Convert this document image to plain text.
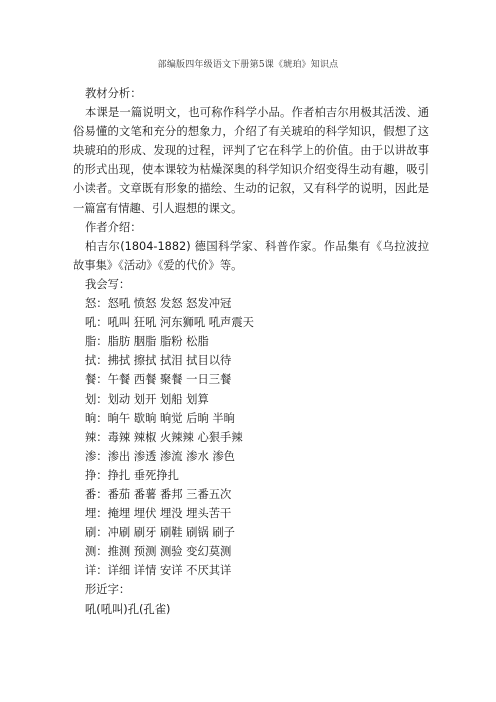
部编版四年级语文下册第5课《琥珀》知识点
教材分析：

本课是一篇说明文，也可称作科学小品。作者柏吉尔用极其活泼、通俗易懂的文笔和充分的想象力，介绍了有关琥珀的科学知识，假想了这块琥珀的形成、发现的过程，评判了它在科学上的价值。由于以讲故事的形式出现，使本课较为枯燥深奥的科学知识介绍变得生动有趣，吸引小读者。文章既有形象的描绘、生动的记叙，又有科学的说明，因此是一篇富有情趣、引人遐想的课文。

作者介绍：

柏吉尔(1804-1882) 德国科学家、科普作家。作品集有《乌拉波拉故事集》《活动》《爱的代价》等。

我会写：
怒：怒吼 愤怒 发怒 怒发冲冠
吼：吼叫 狂吼 河东狮吼 吼声震天
脂：脂肪 胭脂 脂粉 松脂
拭：拂拭 擦拭 拭泪 拭目以待
餐：午餐 西餐 聚餐 一日三餐
划：划动 划开 划船 划算
晌：晌午 歇晌 晌觉 后晌 半晌
辣：毒辣 辣椒 火辣辣 心狠手辣
渗：渗出 渗透 渗流 渗水 渗色
挣：挣扎 垂死挣扎
番：番茄 番薯 番邦 三番五次
埋：掩埋 埋伏 埋没 埋头苦干
刷：冲刷 刷牙 刷鞋 刷锅 刷子
测：推测 预测 测验 变幻莫测
详：详细 详情 安详 不厌其详
形近字：
吼(吼叫)孔(孔雀)
